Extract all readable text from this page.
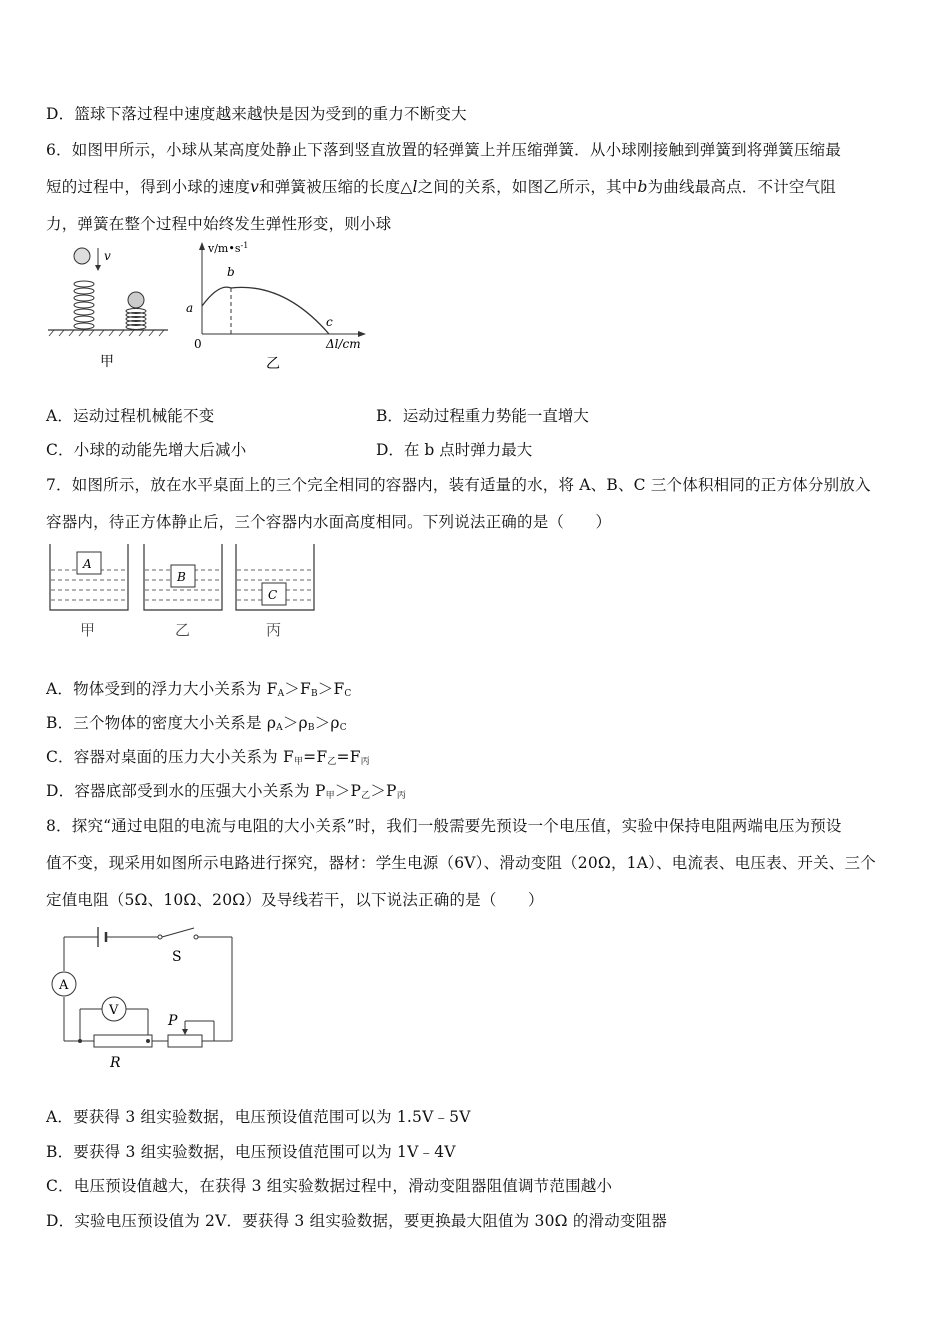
D．篮球下落过程中速度越来越快是因为受到的重力不断变大
6．如图甲所示，小球从某高度处静止下落到竖直放置的轻弹簧上并压缩弹簧．从小球刚接触到弹簧到将弹簧压缩最
短的过程中，得到小球的速度v和弹簧被压缩的长度△l之间的关系，如图乙所示，其中b为曲线最高点．不计空气阻
力，弹簧在整个过程中始终发生弹性形变，则小球
v
甲
$v/m•s^{-1}$
a
b
c
0	Δl/cm
乙
A．运动过程机械能不变	B．运动过程重力势能一直增大
C．小球的动能先增大后减小	D．在 b 点时弹力最大
7．如图所示，放在水平桌面上的三个完全相同的容器内，装有适量的水，将 A、B、C 三个体积相同的正方体分别放入
容器内，待正方体静止后，三个容器内水面高度相同。下列说法正确的是（　　）
A
甲
B
乙
C
丙
A．物体受到的浮力大小关系为 $F_A>F_B>F_C$
B．三个物体的密度大小关系是 $\rho_A>\rho_B>\rho_C$
C．容器对桌面的压力大小关系为 $F_甲=F_乙=F_丙$
D．容器底部受到水的压强大小关系为 $P_甲>P_乙>P_丙$
8．探究“通过电阻的电流与电阻的大小关系”时，我们一般需要先预设一个电压值，实验中保持电阻两端电压为预设
值不变，现采用如图所示电路进行探究，器材：学生电源（6V）、滑动变阻（20Ω，1A）、电流表、电压表、开关、三个
定值电阻（5Ω、10Ω、20Ω）及导线若干，以下说法正确的是（　　）
S
A
V
P
R
A．要获得 3 组实验数据，电压预设值范围可以为 1.5V﹣5V
B．要获得 3 组实验数据，电压预设值范围可以为 1V﹣4V
C．电压预设值越大，在获得 3 组实验数据过程中，滑动变阻器阻值调节范围越小
D．实验电压预设值为 2V．要获得 3 组实验数据，要更换最大阻值为 30Ω 的滑动变阻器
